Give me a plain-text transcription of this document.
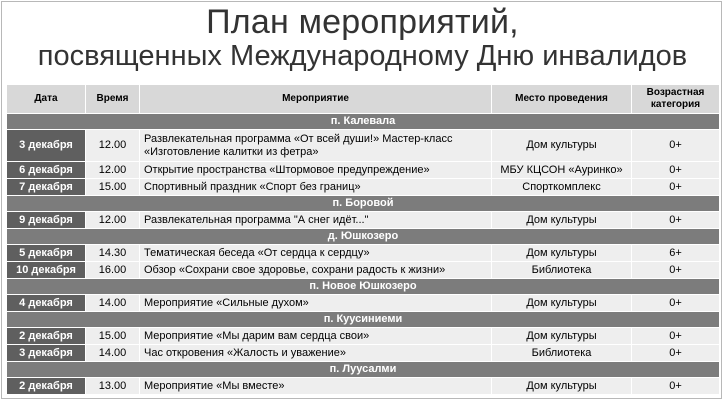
План мероприятий,
посвященных Международному Дню инвалидов
Дата	Время	Мероприятие	Место проведения	Возрастная категория
п. Калевала				
3 декабря	12.00	Развлекательная программа «От всей души!» Мастер-класс «Изготовление калитки из фетра»	Дом культуры	0+
6 декабря	12.00	Открытие пространства «Штормовое предупреждение»	МБУ КЦСОН «Ауринко»	0+
7 декабря	15.00	Спортивный праздник «Спорт без границ»	Спорткомплекс	0+
п. Боровой				
9 декабря	12.00	Развлекательная программа "А снег идёт..."	Дом культуры	0+
д. Юшкозеро				
5 декабря	14.30	Тематическая беседа «От сердца к сердцу»	Дом культуры	6+
10 декабря	16.00	Обзор «Сохрани свое здоровье, сохрани радость к жизни»	Библиотека	0+
п. Новое Юшкозеро				
4 декабря	14.00	Мероприятие «Сильные духом»	Дом культуры	0+
п. Куусиниеми				
2 декабря	15.00	Мероприятие «Мы дарим вам сердца свои»	Дом культуры	0+
3 декабря	14.00	Час откровения «Жалость и уважение»	Библиотека	0+
п. Луусалми				
2 декабря	13.00	Мероприятие «Мы вместе»	Дом культуры	0+
